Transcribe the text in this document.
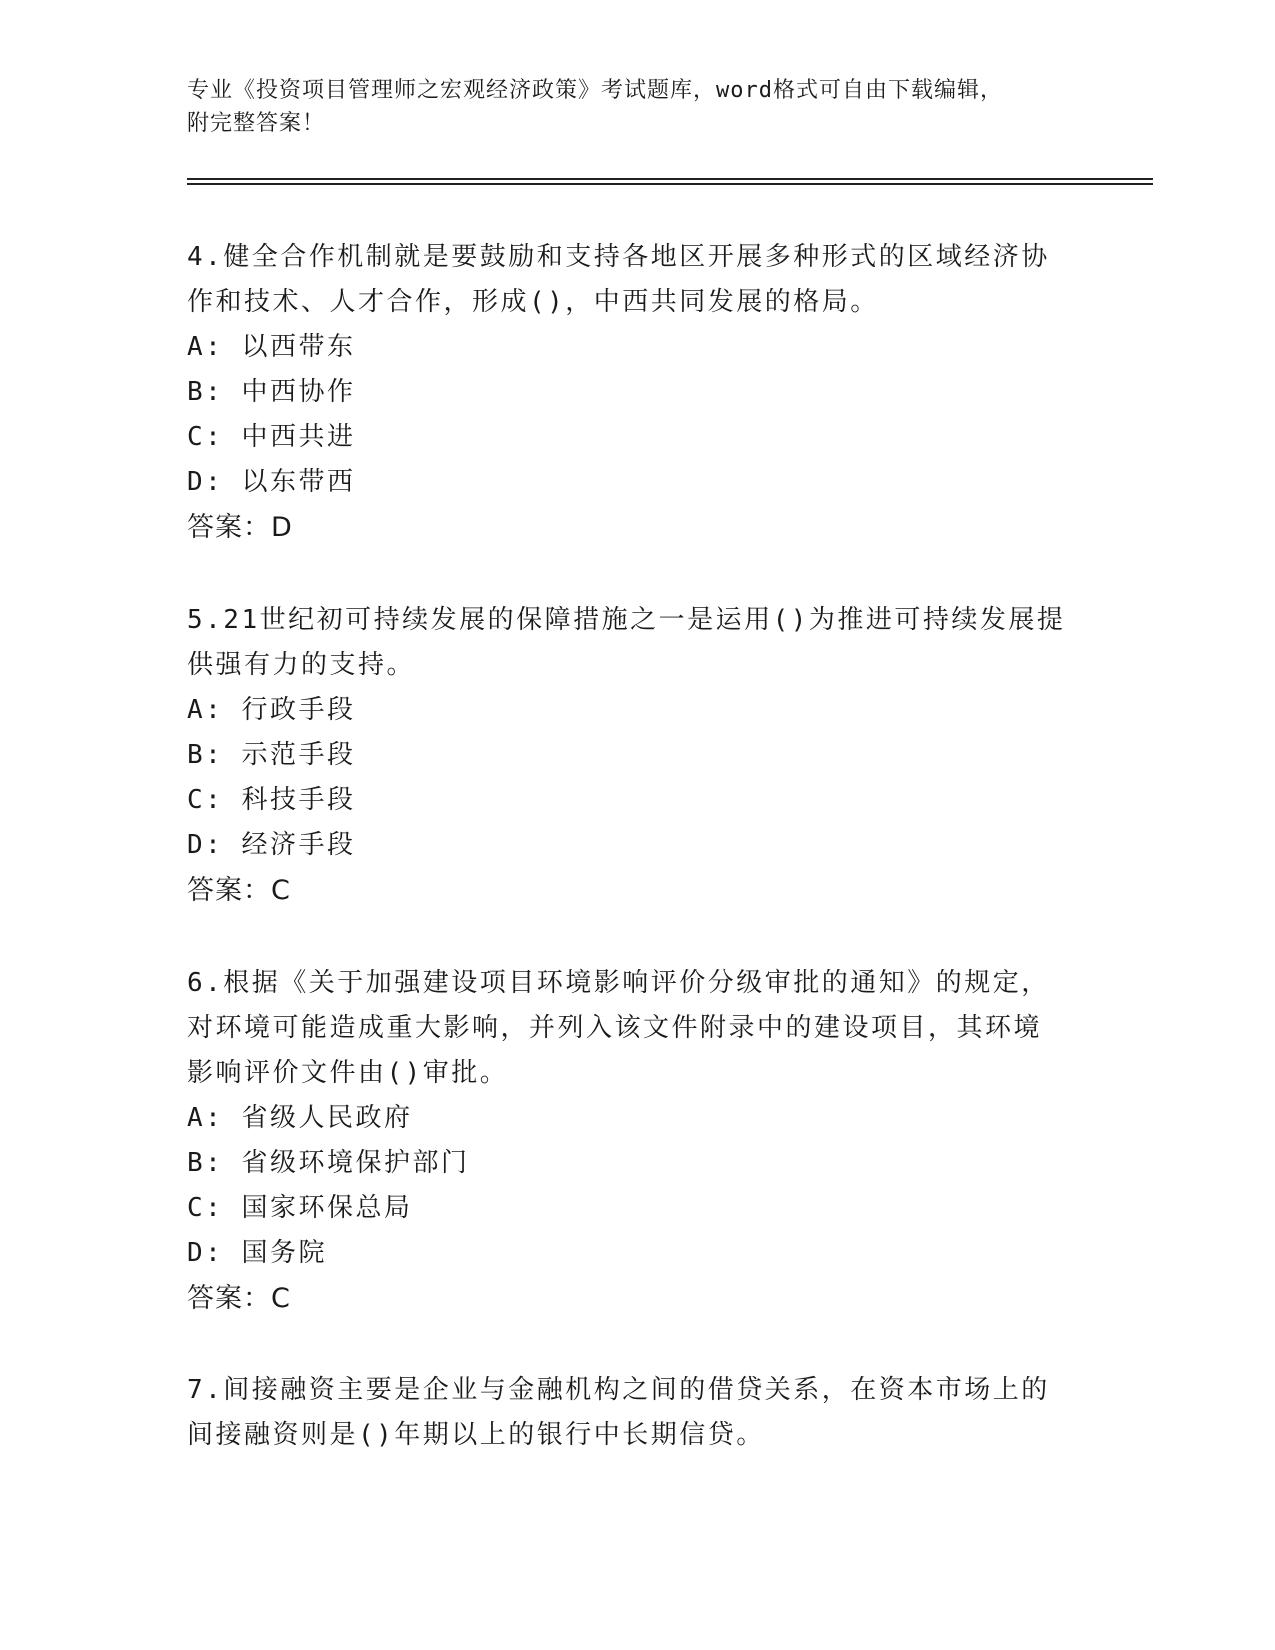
专业《投资项目管理师之宏观经济政策》考试题库，word格式可自由下载编辑，
附完整答案！

4.健全合作机制就是要鼓励和支持各地区开展多种形式的区域经济协

作和技术、人才合作，形成()，中西共同发展的格局。

A: 以西带东

B: 中西协作

C: 中西共进

D: 以东带西

答案：D

5.21世纪初可持续发展的保障措施之一是运用()为推进可持续发展提

供强有力的支持。

A: 行政手段

B: 示范手段

C: 科技手段

D: 经济手段

答案：C

6.根据《关于加强建设项目环境影响评价分级审批的通知》的规定，

对环境可能造成重大影响，并列入该文件附录中的建设项目，其环境

影响评价文件由()审批。

A: 省级人民政府

B: 省级环境保护部门

C: 国家环保总局

D: 国务院

答案：C

7.间接融资主要是企业与金融机构之间的借贷关系，在资本市场上的

间接融资则是()年期以上的银行中长期信贷。
